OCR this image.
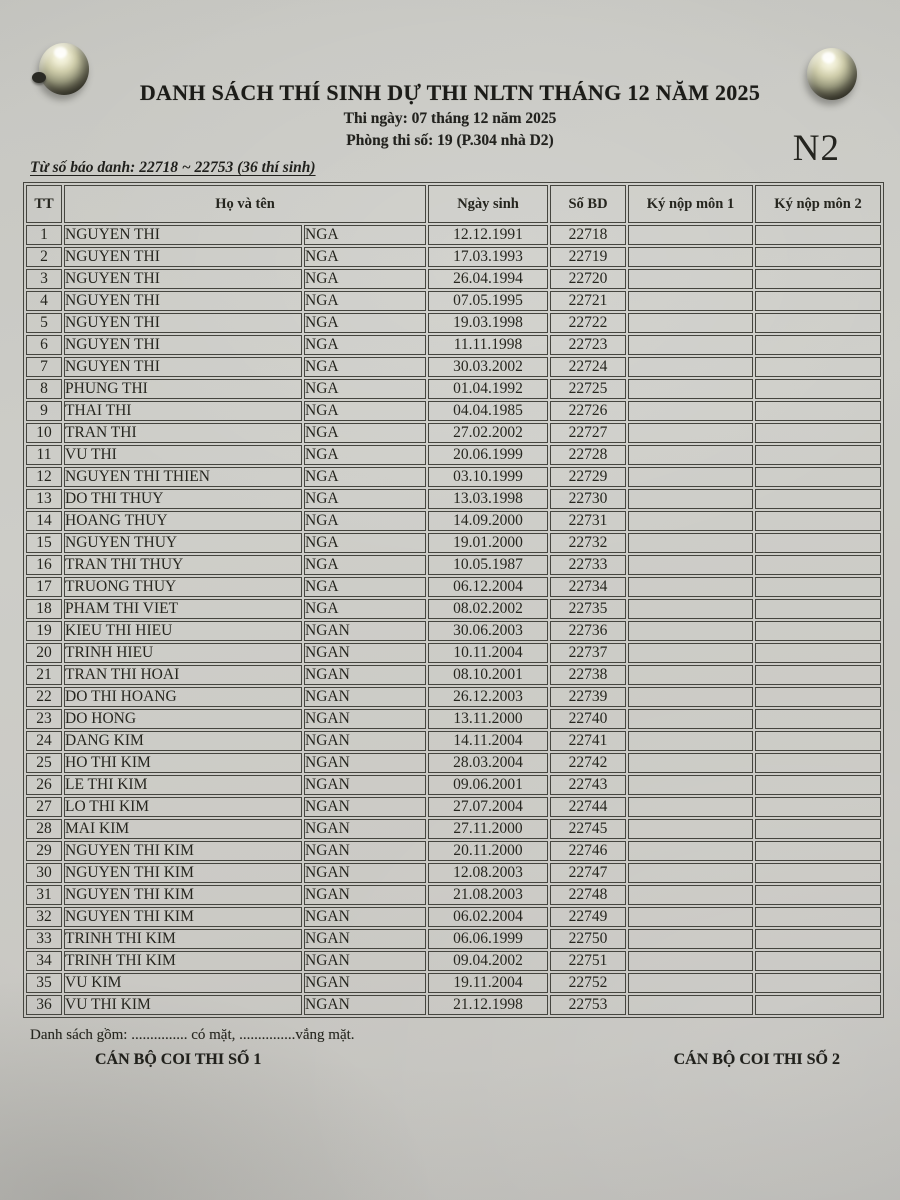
DANH SÁCH THÍ SINH DỰ THI NLTN THÁNG 12 NĂM 2025
Thi ngày: 07 tháng 12 năm 2025
Phòng thi số: 19 (P.304 nhà D2)
Từ số báo danh: 22718 ~ 22753 (36 thí sinh)	N2
TT	Họ và tên		Ngày sinh	Số BD	Ký nộp môn 1	Ký nộp môn 2
1	NGUYEN THI	NGA	12.12.1991	22718		
2	NGUYEN THI	NGA	17.03.1993	22719		
3	NGUYEN THI	NGA	26.04.1994	22720		
4	NGUYEN THI	NGA	07.05.1995	22721		
5	NGUYEN THI	NGA	19.03.1998	22722		
6	NGUYEN THI	NGA	11.11.1998	22723		
7	NGUYEN THI	NGA	30.03.2002	22724		
8	PHUNG THI	NGA	01.04.1992	22725		
9	THAI THI	NGA	04.04.1985	22726		
10	TRAN THI	NGA	27.02.2002	22727		
11	VU THI	NGA	20.06.1999	22728		
12	NGUYEN THI THIEN	NGA	03.10.1999	22729		
13	DO THI THUY	NGA	13.03.1998	22730		
14	HOANG THUY	NGA	14.09.2000	22731		
15	NGUYEN THUY	NGA	19.01.2000	22732		
16	TRAN THI THUY	NGA	10.05.1987	22733		
17	TRUONG THUY	NGA	06.12.2004	22734		
18	PHAM THI VIET	NGA	08.02.2002	22735		
19	KIEU THI HIEU	NGAN	30.06.2003	22736		
20	TRINH HIEU	NGAN	10.11.2004	22737		
21	TRAN THI HOAI	NGAN	08.10.2001	22738		
22	DO THI HOANG	NGAN	26.12.2003	22739		
23	DO HONG	NGAN	13.11.2000	22740		
24	DANG KIM	NGAN	14.11.2004	22741		
25	HO THI KIM	NGAN	28.03.2004	22742		
26	LE THI KIM	NGAN	09.06.2001	22743		
27	LO THI KIM	NGAN	27.07.2004	22744		
28	MAI KIM	NGAN	27.11.2000	22745		
29	NGUYEN THI KIM	NGAN	20.11.2000	22746		
30	NGUYEN THI KIM	NGAN	12.08.2003	22747		
31	NGUYEN THI KIM	NGAN	21.08.2003	22748		
32	NGUYEN THI KIM	NGAN	06.02.2004	22749		
33	TRINH THI KIM	NGAN	06.06.1999	22750		
34	TRINH THI KIM	NGAN	09.04.2002	22751		
35	VU KIM	NGAN	19.11.2004	22752		
36	VU THI KIM	NGAN	21.12.1998	22753		
Danh sách gồm: ............... có mặt, ...............vắng mặt.
CÁN BỘ COI THI SỐ 1	CÁN BỘ COI THI SỐ 2
